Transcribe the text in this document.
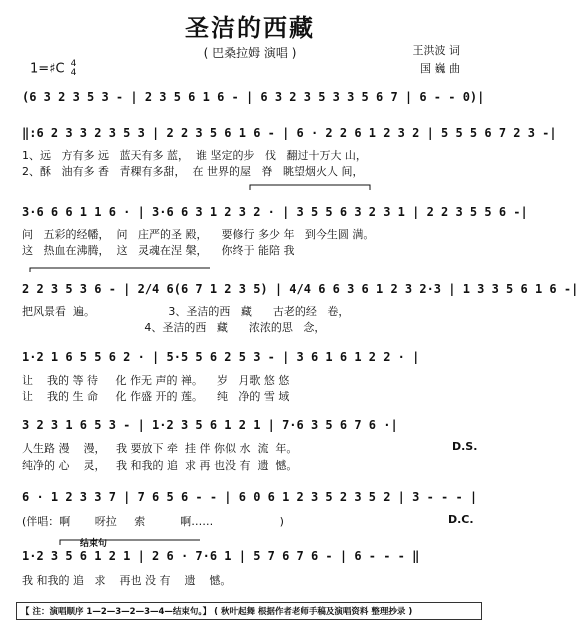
圣洁的西藏
( 巴桑拉姆 演唱 )	王洪波 词
国 巍 曲
1=♯C 4
4
(6 3 2 3 5 3 - | 2 3 5 6 1 6 - | 6 3 2 3 5 3 3 5 6 7 | 6 - - 0)|
‖:6 2 3 3 2 3 5 3 | 2 2 3 5 6 1 6 - | 6 · 2 2 6 1 2 3 2 | 5 5 5 6 7 2 3 -|
1、远   方有多 远   蓝天有多 蓝，  谁 坚定的步   伐   翻过十万大 山，
2、酥   油有多 香   青稞有多甜，  在 世界的屋   脊   眺望烟火人 间，
3·6 6 6 1 1 6 · | 3·6 6 3 1 2 3 2 · | 3 5 5 6 3 2 3 1 | 2 2 3 5 5 6 -|
问   五彩的经幡，  问   庄严的圣 殿，    要修行 多少 年   到今生圆 满。
这   热血在沸腾，  这   灵魂在涅 槃，    你终于 能陪 我
2 2 3 5 3 6 - | 2/4 6(6 7 1 2 3 5) | 4/4 6 6 3 6 1 2 3 2·3 | 1 3 3 5 6 1 6 -|
把风景看  遍。                     3、圣洁的西   藏      古老的经   卷，
4、圣洁的西   藏      浓浓的思   念，
1·2 1 6 5 5 6 2 · | 5·5 5 6 2 5 3 - | 3 6 1 6 1 2 2 · |
让    我的 等 待     化 作无 声的 禅。    岁   月歌 悠 悠
让    我的 生 命     化 作盛 开的 莲。    纯   净的 雪 域
3 2 3 1 6 5 3 - | 1·2 3 5 6 1 2 1 | 7·6 3 5 6 7 6 ·|
人生路 漫    漫，   我 要放下 牵  挂 伴 你似 水  流  年。
纯净的 心    灵，   我 和我的 追  求 再 也没 有  遗  憾。
D.S.
6 · 1 2 3 3 7 | 7 6 5 6 - - | 6 0 6 1 2 3 5 2 3 5 2 | 3 - - - |
(伴唱：啊       呀拉     索          啊……                   )	D.C.
结束句
1·2 3 5 6 1 2 1 | 2 6 · 7·6 1 | 5 7 6 7 6 - | 6 - - - ‖
我 和我的 追   求    再也 没 有    遗    憾。
【 注：演唱顺序 1—2—3—2—3—4—结束句。】 ( 秋叶起舞 根据作者老师手稿及演唱资料 整理抄录 )
